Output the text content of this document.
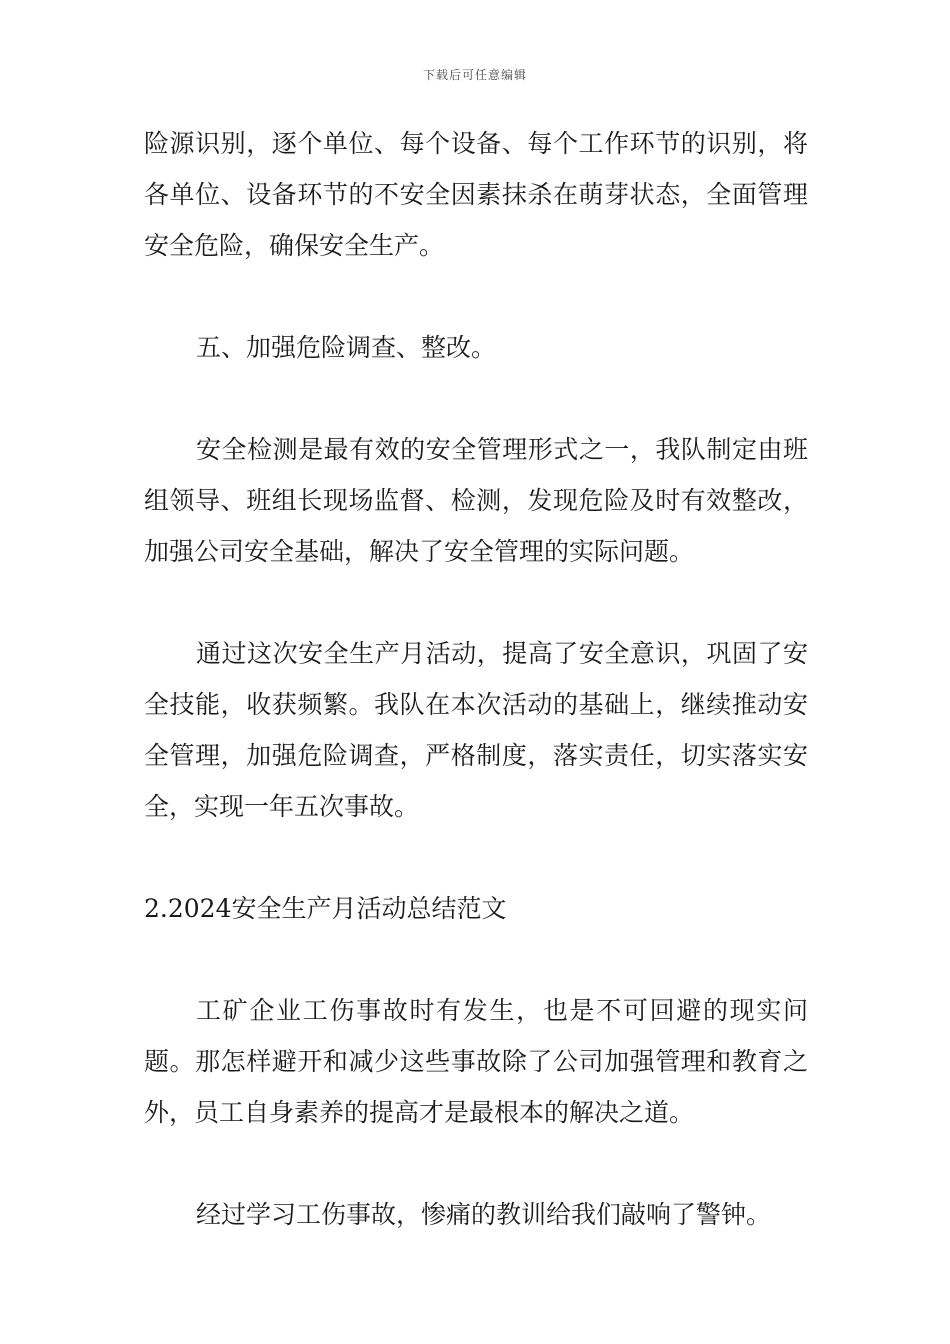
下载后可任意编辑

险源识别，逐个单位、每个设备、每个工作环节的识别，将各单位、设备环节的不安全因素抹杀在萌芽状态，全面管理安全危险，确保安全生产。

五、加强危险调查、整改。

安全检测是最有效的安全管理形式之一，我队制定由班组领导、班组长现场监督、检测，发现危险及时有效整改，加强公司安全基础，解决了安全管理的实际问题。

通过这次安全生产月活动，提高了安全意识，巩固了安全技能，收获频繁。我队在本次活动的基础上，继续推动安全管理，加强危险调查，严格制度，落实责任，切实落实安全，实现一年五次事故。

2.2024安全生产月活动总结范文

工矿企业工伤事故时有发生，也是不可回避的现实问题。那怎样避开和减少这些事故除了公司加强管理和教育之外，员工自身素养的提高才是最根本的解决之道。

经过学习工伤事故，惨痛的教训给我们敲响了警钟。
